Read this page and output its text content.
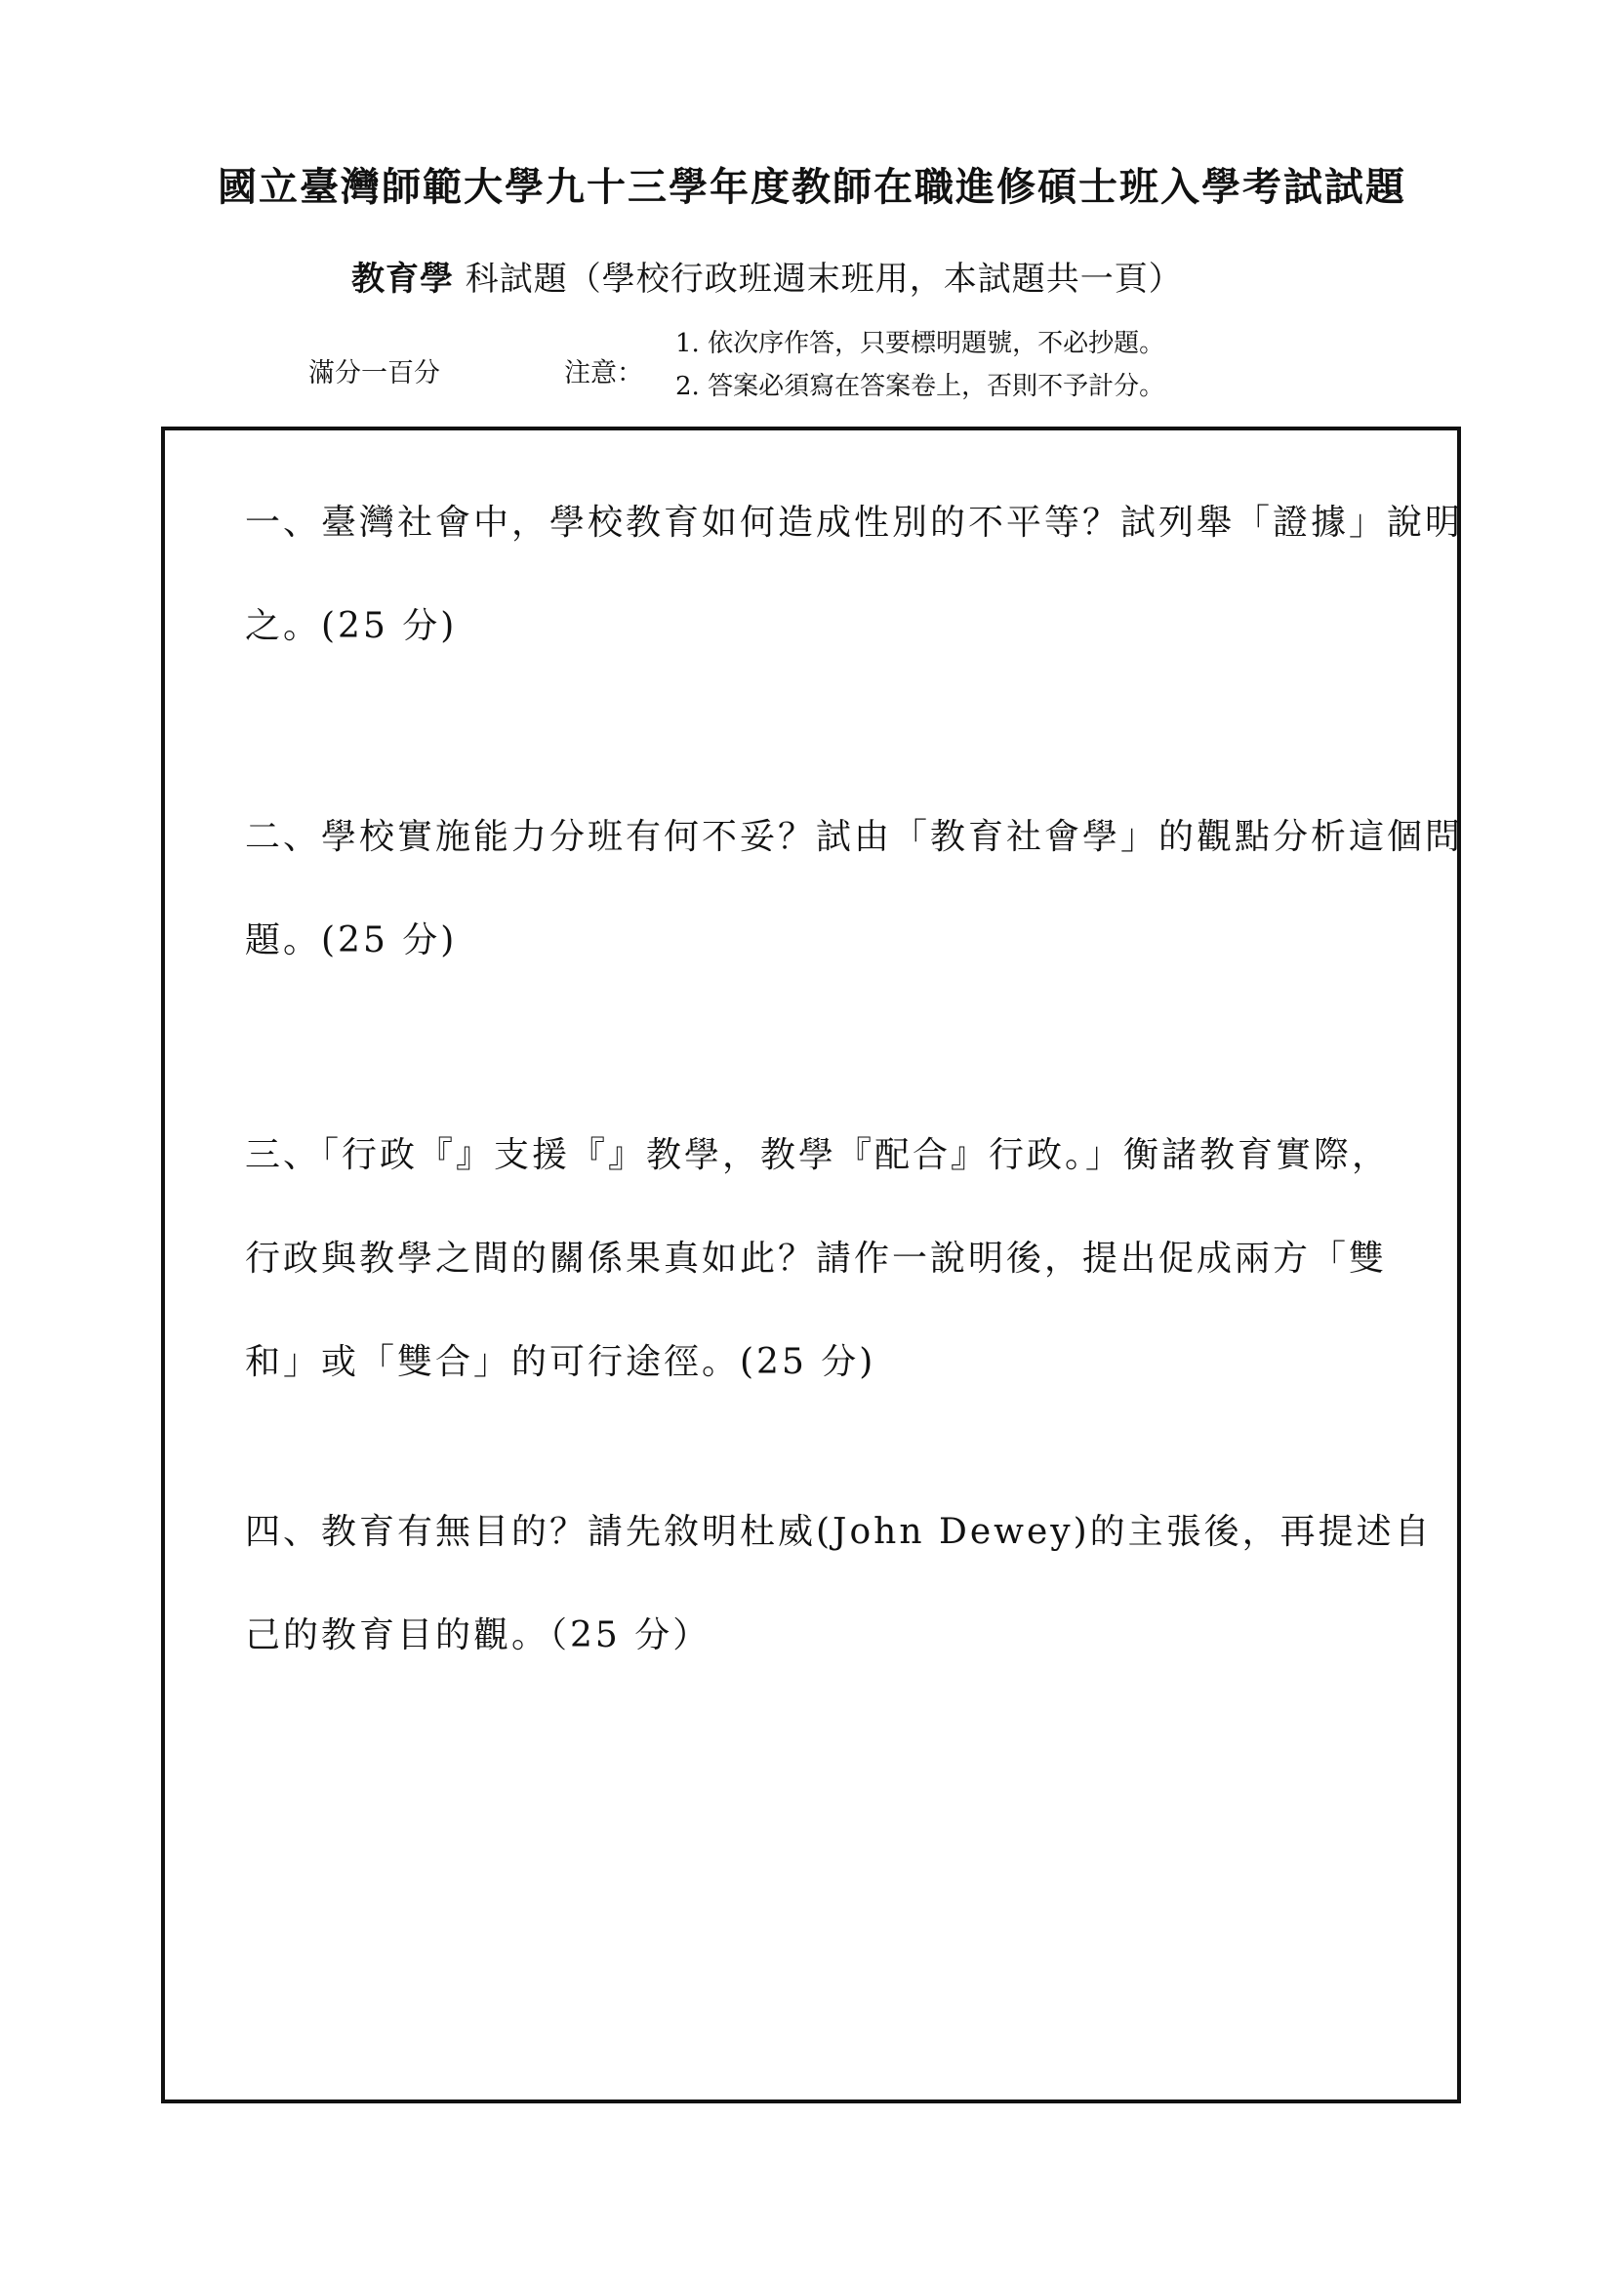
國立臺灣師範大學九十三學年度教師在職進修碩士班入學考試試題
教育學 科試題（學校行政班週末班用，本試題共一頁）
滿分一百分	注意：
1. 依次序作答，只要標明題號，不必抄題。
2. 答案必須寫在答案卷上，否則不予計分。
一、臺灣社會中，學校教育如何造成性別的不平等？試列舉「證據」說明
之。(25 分)
二、學校實施能力分班有何不妥？試由「教育社會學」的觀點分析這個問
題。(25 分)
三、「行政『』支援『』教學，教學『配合』行政。」衡諸教育實際，
行政與教學之間的關係果真如此？請作一說明後，提出促成兩方「雙
和」或「雙合」的可行途徑。(25 分)
四、教育有無目的？請先敘明杜威(John Dewey)的主張後，再提述自
己的教育目的觀。（25 分）
